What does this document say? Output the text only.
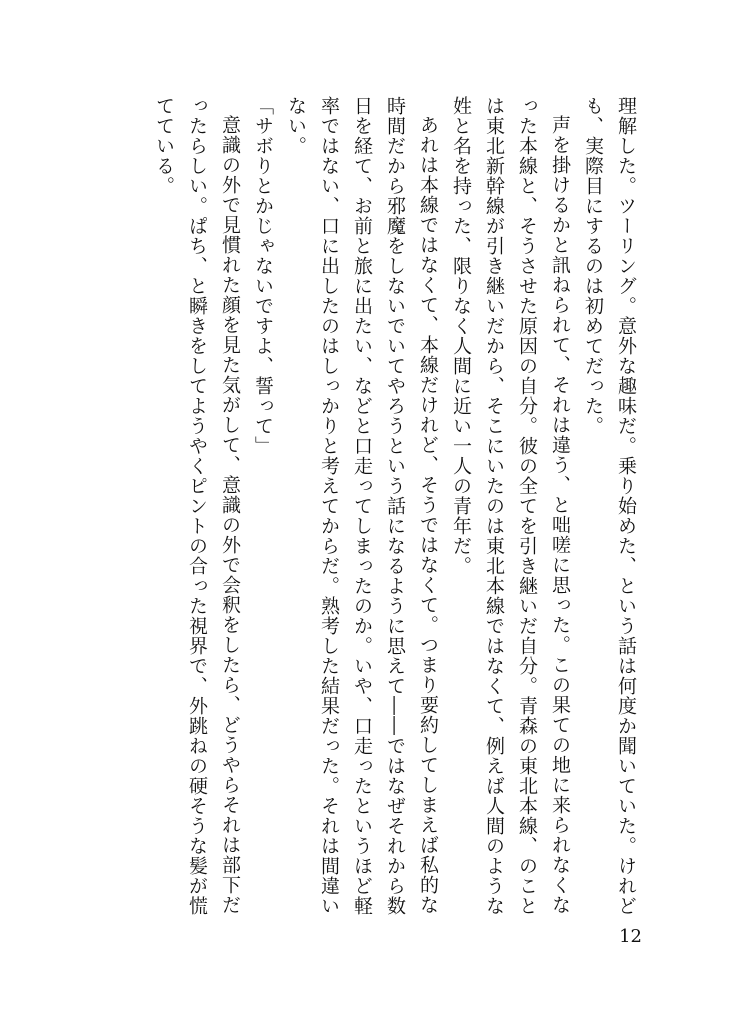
理解した。ツーリング。意外な趣味だ。乗り始めた、という話は何度か聞いていた。けれども、実際目にするのは初めてだった。

声を掛けるかと訊ねられて、それは違う、と咄嗟に思った。この果ての地に来られなくなった本線と、そうさせた原因の自分。彼の全てを引き継いだ自分。青森の東北本線、のことは東北新幹線が引き継いだから、そこにいたのは東北本線ではなくて、例えば人間のような姓と名を持った、限りなく人間に近い一人の青年だ。

あれは本線ではなくて、本線だけれど、そうではなくて。つまり要約してしまえば私的な時間だから邪魔をしないでいてやろうという話になるように思えて――ではなぜそれから数日を経て、お前と旅に出たい、などと口走ってしまったのか。いや、口走ったというほど軽率ではない、口に出したのはしっかりと考えてからだ。熟考した結果だった。それは間違いない。

「サボりとかじゃないですよ、誓って」

意識の外で見慣れた顔を見た気がして、意識の外で会釈をしたら、どうやらそれは部下だったらしい。ぱち、と瞬きをしてようやくピントの合った視界で、外跳ねの硬そうな髪が慌てている。

12
